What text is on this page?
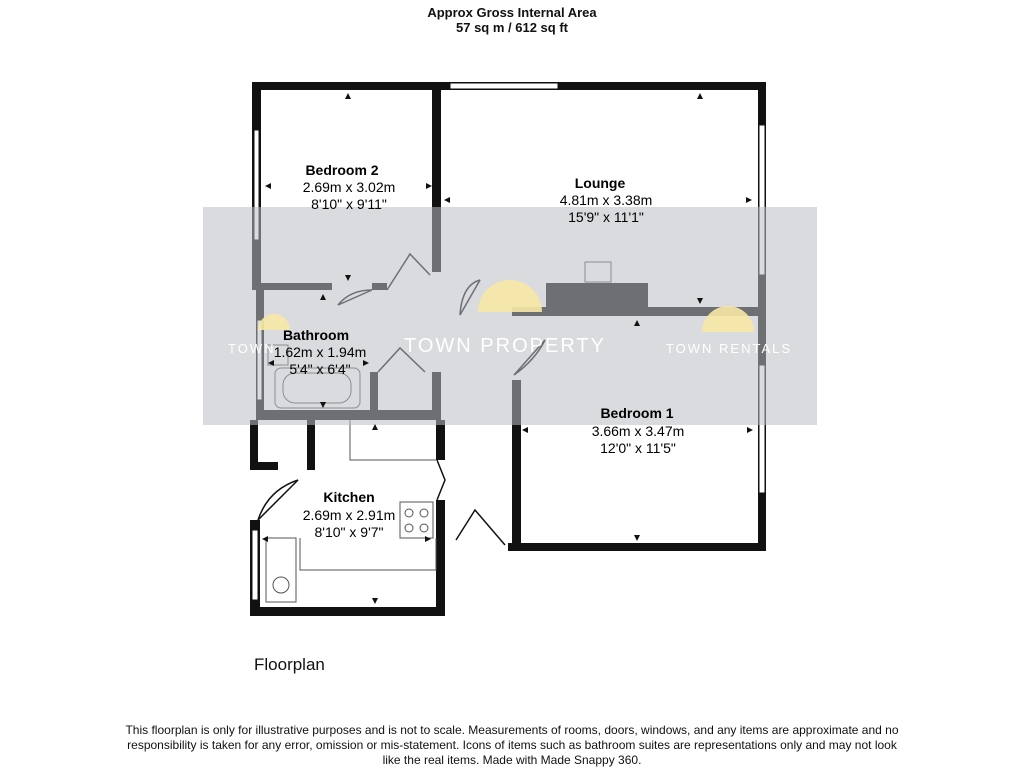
Approx Gross Internal Area
57 sq m / 612 sq ft
Bedroom 2
2.69m x 3.02m
8'10" x 9'11"
Lounge
4.81m x 3.38m
15'9" x 11'1"
Bathroom
1.62m x 1.94m
5'4" x 6'4"
Bedroom 1
3.66m x 3.47m
12'0" x 11'5"
Kitchen
2.69m x 2.91m
8'10" x 9'7"
TOWN PROPERTY
TOWN	TOWN RENTALS
Floorplan
This floorplan is only for illustrative purposes and is not to scale. Measurements of rooms, doors, windows, and any items are approximate and no responsibility is taken for any error, omission or mis-statement. Icons of items such as bathroom suites are representations only and may not look like the real items. Made with Made Snappy 360.
